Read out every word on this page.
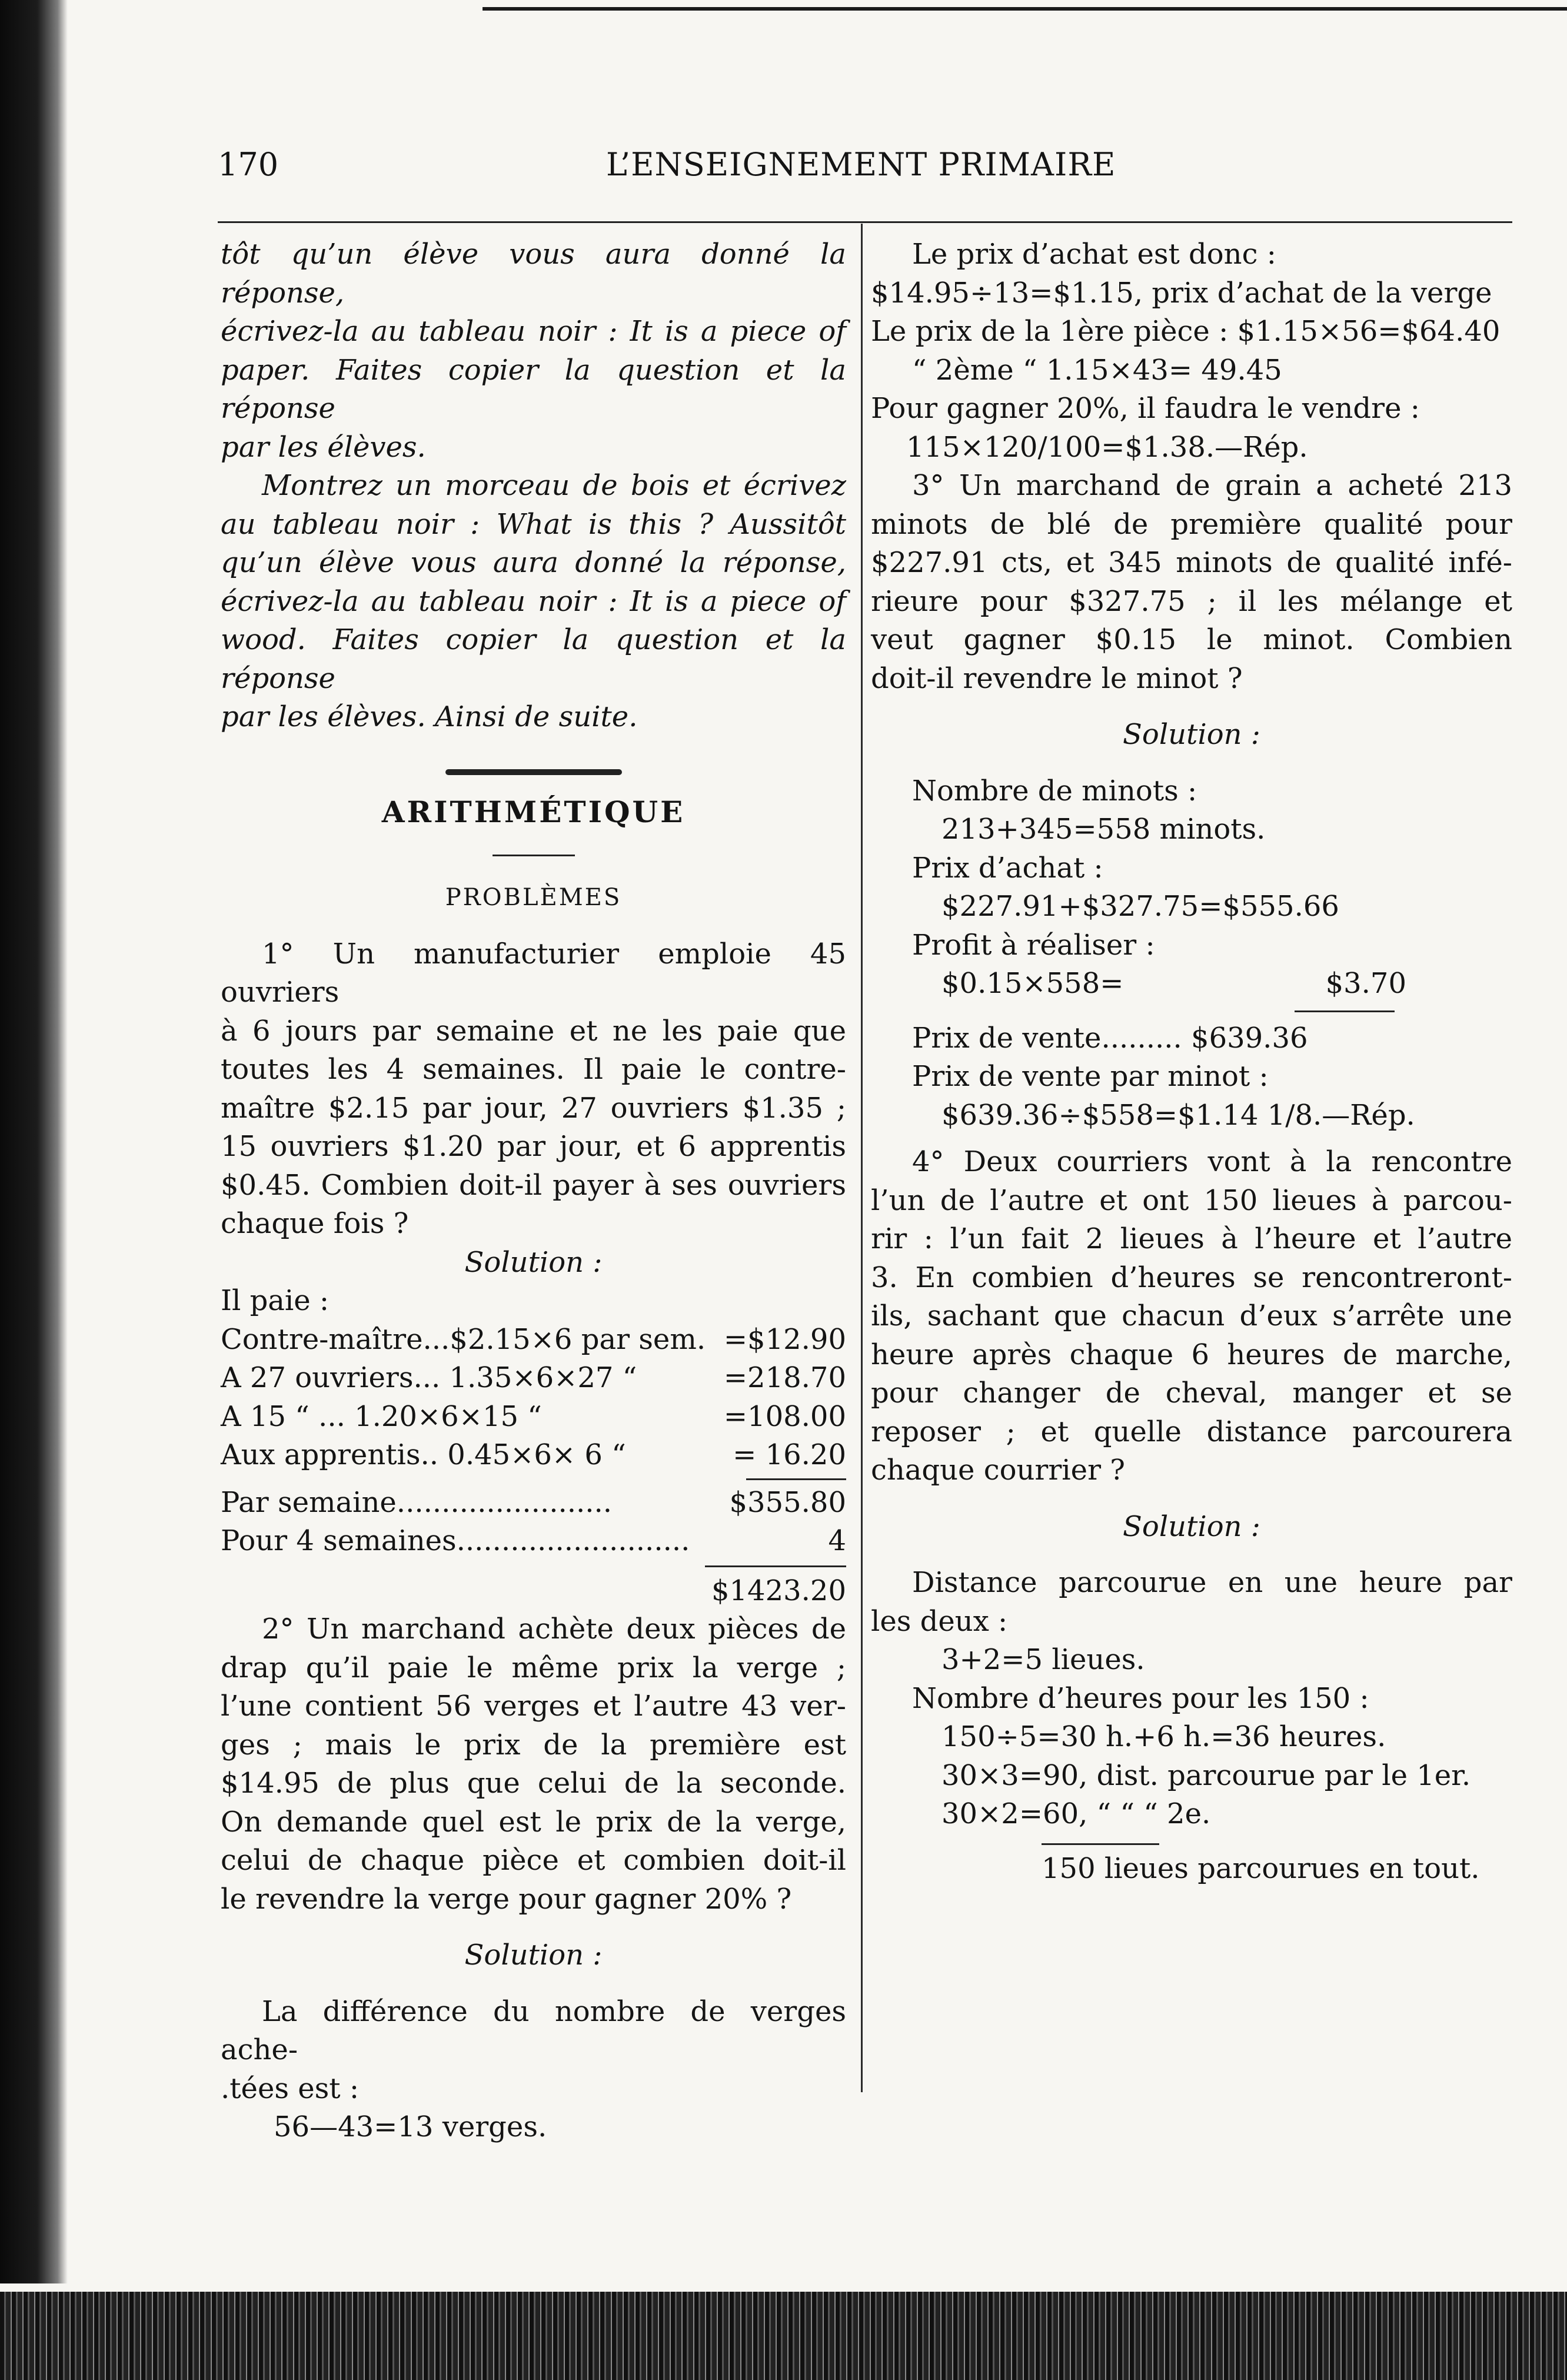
170	L’ENSEIGNEMENT PRIMAIRE

tôt qu’un élève vous aura donné la réponse,

écrivez-la au tableau noir : It is a piece of

paper. Faites copier la question et la réponse

par les élèves.

Montrez un morceau de bois et écrivez

au tableau noir : What is this ? Aussitôt

qu’un élève vous aura donné la réponse,

écrivez-la au tableau noir : It is a piece of

wood. Faites copier la question et la réponse

par les élèves. Ainsi de suite.

ARITHMÉTIQUE

PROBLÈMES

1° Un manufacturier emploie 45 ouvriers

à 6 jours par semaine et ne les paie que

toutes les 4 semaines. Il paie le contre-

maître $2.15 par jour, 27 ouvriers $1.35 ;

15 ouvriers $1.20 par jour, et 6 apprentis

$0.45. Combien doit-il payer à ses ouvriers

chaque fois ?

Solution :

Il paie :

Contre-maître...$2.15×6 par sem. =$12.90
A 27 ouvriers... 1.35×6×27 “	=218.70
A 15 “ ... 1.20×6×15 “	=108.00
Aux apprentis.. 0.45×6× 6 “	= 16.20
Par semaine........................	$355.80
Pour 4 semaines..........................	4

$1423.20

2° Un marchand achète deux pièces de

drap qu’il paie le même prix la verge ;

l’une contient 56 verges et l’autre 43 ver-

ges ; mais le prix de la première est

$14.95 de plus que celui de la seconde.

On demande quel est le prix de la verge,

celui de chaque pièce et combien doit-il

le revendre la verge pour gagner 20% ?

Solution :

La différence du nombre de verges ache-

.tées est :

56—43=13 verges.

Le prix d’achat est donc :

$14.95÷13=$1.15, prix d’achat de la verge

Le prix de la 1ère pièce : $1.15×56=$64.40

“ 2ème “ 1.15×43= 49.45

Pour gagner 20%, il faudra le vendre :

115×120/100=$1.38.—Rép.

3° Un marchand de grain a acheté 213

minots de blé de première qualité pour

$227.91 cts, et 345 minots de qualité infé-

rieure pour $327.75 ; il les mélange et

veut gagner $0.15 le minot. Combien

doit-il revendre le minot ?

Solution :

Nombre de minots :

213+345=558 minots.

Prix d’achat :

$227.91+$327.75=$555.66

Profit à réaliser :

$0.15×558=	$3.70

Prix de vente......... $639.36

Prix de vente par minot :

$639.36÷$558=$1.14 1/8.—Rép.

4° Deux courriers vont à la rencontre

l’un de l’autre et ont 150 lieues à parcou-

rir : l’un fait 2 lieues à l’heure et l’autre

3. En combien d’heures se rencontreront-

ils, sachant que chacun d’eux s’arrête une

heure après chaque 6 heures de marche,

pour changer de cheval, manger et se

reposer ; et quelle distance parcourera

chaque courrier ?

Solution :

Distance parcourue en une heure par

les deux :

3+2=5 lieues.

Nombre d’heures pour les 150 :

150÷5=30 h.+6 h.=36 heures.

30×3=90, dist. parcourue par le 1er.

30×2=60, “ “ “ 2e.

150 lieues parcourues en tout.
